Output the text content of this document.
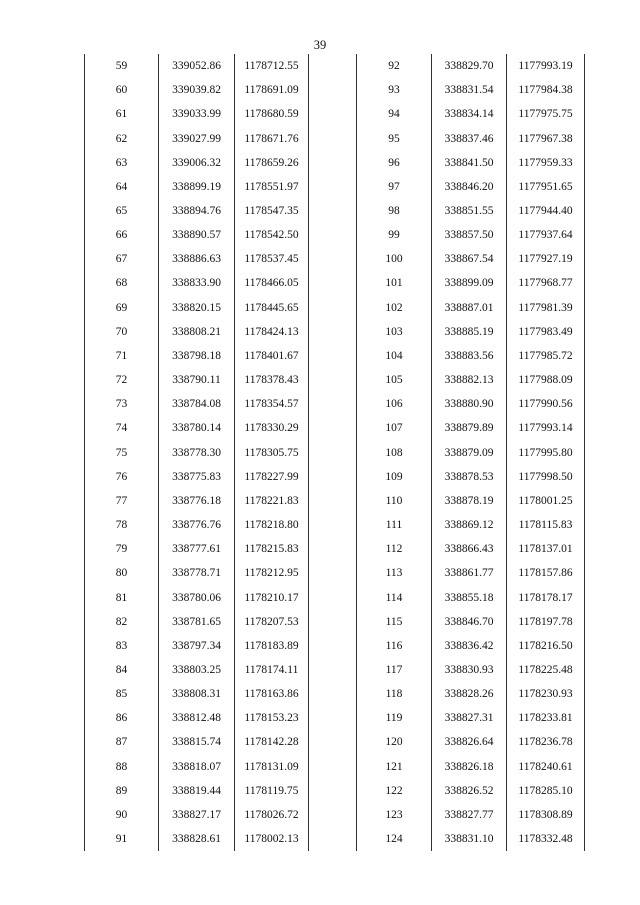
39
59	339052.86	1178712.55
60	339039.82	1178691.09
61	339033.99	1178680.59
62	339027.99	1178671.76
63	339006.32	1178659.26
64	338899.19	1178551.97
65	338894.76	1178547.35
66	338890.57	1178542.50
67	338886.63	1178537.45
68	338833.90	1178466.05
69	338820.15	1178445.65
70	338808.21	1178424.13
71	338798.18	1178401.67
72	338790.11	1178378.43
73	338784.08	1178354.57
74	338780.14	1178330.29
75	338778.30	1178305.75
76	338775.83	1178227.99
77	338776.18	1178221.83
78	338776.76	1178218.80
79	338777.61	1178215.83
80	338778.71	1178212.95
81	338780.06	1178210.17
82	338781.65	1178207.53
83	338797.34	1178183.89
84	338803.25	1178174.11
85	338808.31	1178163.86
86	338812.48	1178153.23
87	338815.74	1178142.28
88	338818.07	1178131.09
89	338819.44	1178119.75
90	338827.17	1178026.72
91	338828.61	1178002.13
92	338829.70	1177993.19
93	338831.54	1177984.38
94	338834.14	1177975.75
95	338837.46	1177967.38
96	338841.50	1177959.33
97	338846.20	1177951.65
98	338851.55	1177944.40
99	338857.50	1177937.64
100	338867.54	1177927.19
101	338899.09	1177968.77
102	338887.01	1177981.39
103	338885.19	1177983.49
104	338883.56	1177985.72
105	338882.13	1177988.09
106	338880.90	1177990.56
107	338879.89	1177993.14
108	338879.09	1177995.80
109	338878.53	1177998.50
110	338878.19	1178001.25
111	338869.12	1178115.83
112	338866.43	1178137.01
113	338861.77	1178157.86
114	338855.18	1178178.17
115	338846.70	1178197.78
116	338836.42	1178216.50
117	338830.93	1178225.48
118	338828.26	1178230.93
119	338827.31	1178233.81
120	338826.64	1178236.78
121	338826.18	1178240.61
122	338826.52	1178285.10
123	338827.77	1178308.89
124	338831.10	1178332.48
